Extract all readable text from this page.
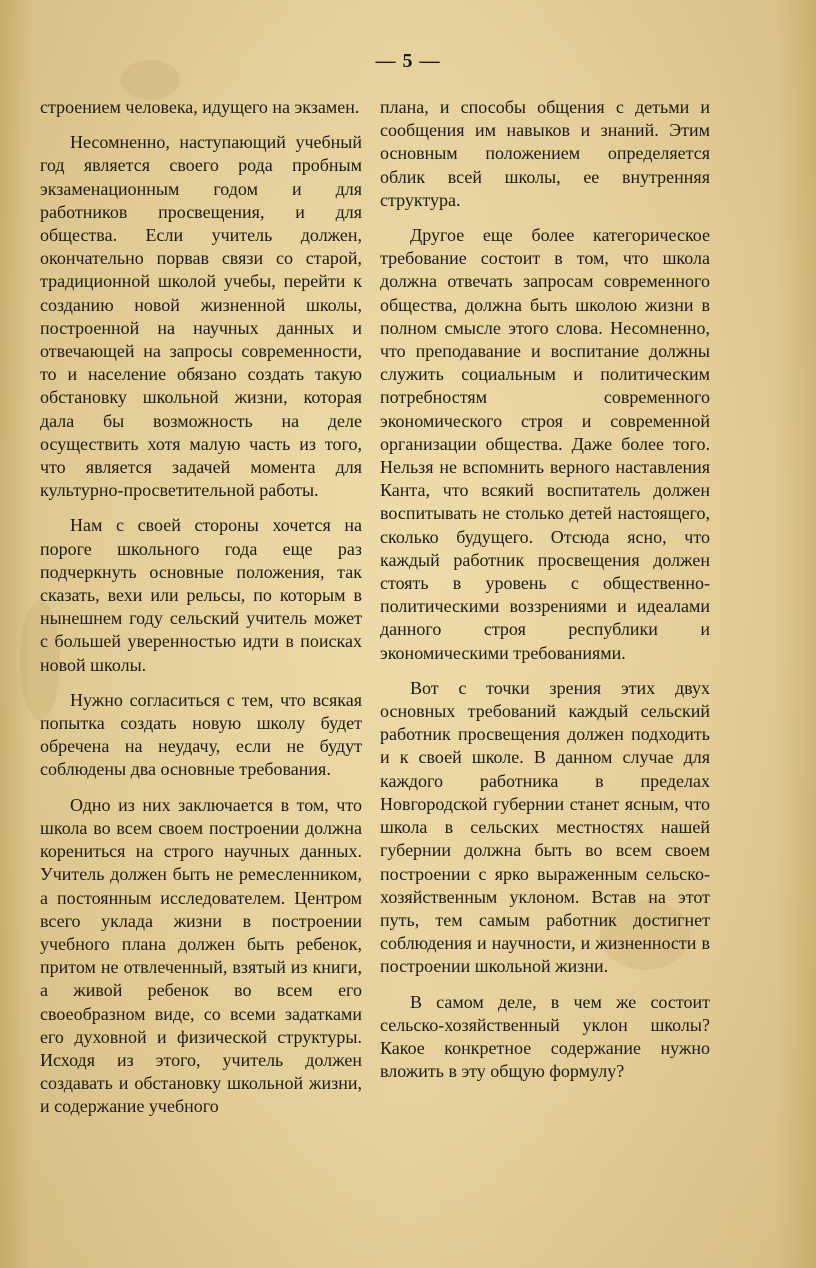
— 5 —

строением человека, идущего на экзамен.

Несомненно, наступающий учебный год является своего рода пробным экзаменационным годом и для работников просвещения, и для общества. Если учитель должен, окончательно порвав связи со старой, традиционной школой учебы, перейти к созданию новой жизненной школы, построенной на научных данных и отвечающей на запросы современности, то и население обязано создать такую обстановку школьной жизни, которая дала бы возможность на деле осуществить хотя малую часть из того, что является задачей момента для культурно-просветительной работы.

Нам с своей стороны хочется на пороге школьного года еще раз подчеркнуть основные положения, так сказать, вехи или рельсы, по которым в нынешнем году сельский учитель может с большей уверенностью идти в поисках новой школы.

Нужно согласиться с тем, что всякая попытка создать новую школу будет обречена на неудачу, если не будут соблюдены два основные требования.

Одно из них заключается в том, что школа во всем своем построении должна корениться на строго научных данных. Учитель должен быть не ремесленником, а постоянным исследователем. Центром всего уклада жизни в построении учебного плана должен быть ребенок, притом не отвлеченный, взятый из книги, а живой ребенок во всем его своеобразном виде, со всеми задатками его духовной и физической структуры. Исходя из этого, учитель должен создавать и обстановку школьной жизни, и содержание учебного

плана, и способы общения с детьми и сообщения им навыков и знаний. Этим основным положением определяется облик всей школы, ее внутренняя структура.

Другое еще более категорическое требование состоит в том, что школа должна отвечать запросам современного общества, должна быть школою жизни в полном смысле этого слова. Несомненно, что преподавание и воспитание должны служить социальным и политическим потребностям современного экономического строя и современной организации общества. Даже более того. Нельзя не вспомнить верного наставления Канта, что всякий воспитатель должен воспитывать не столько детей настоящего, сколько будущего. Отсюда ясно, что каждый работник просвещения должен стоять в уровень с общественно-политическими воззрениями и идеалами данного строя республики и экономическими требованиями.

Вот с точки зрения этих двух основных требований каждый сельский работник просвещения должен подходить и к своей школе. В данном случае для каждого работника в пределах Новгородской губернии станет ясным, что школа в сельских местностях нашей губернии должна быть во всем своем построении с ярко выраженным сельско-хозяйственным уклоном. Встав на этот путь, тем самым работник достигнет соблюдения и научности, и жизненности в построении школьной жизни.

В самом деле, в чем же состоит сельско-хозяйственный уклон школы? Какое конкретное содержание нужно вложить в эту общую формулу?
